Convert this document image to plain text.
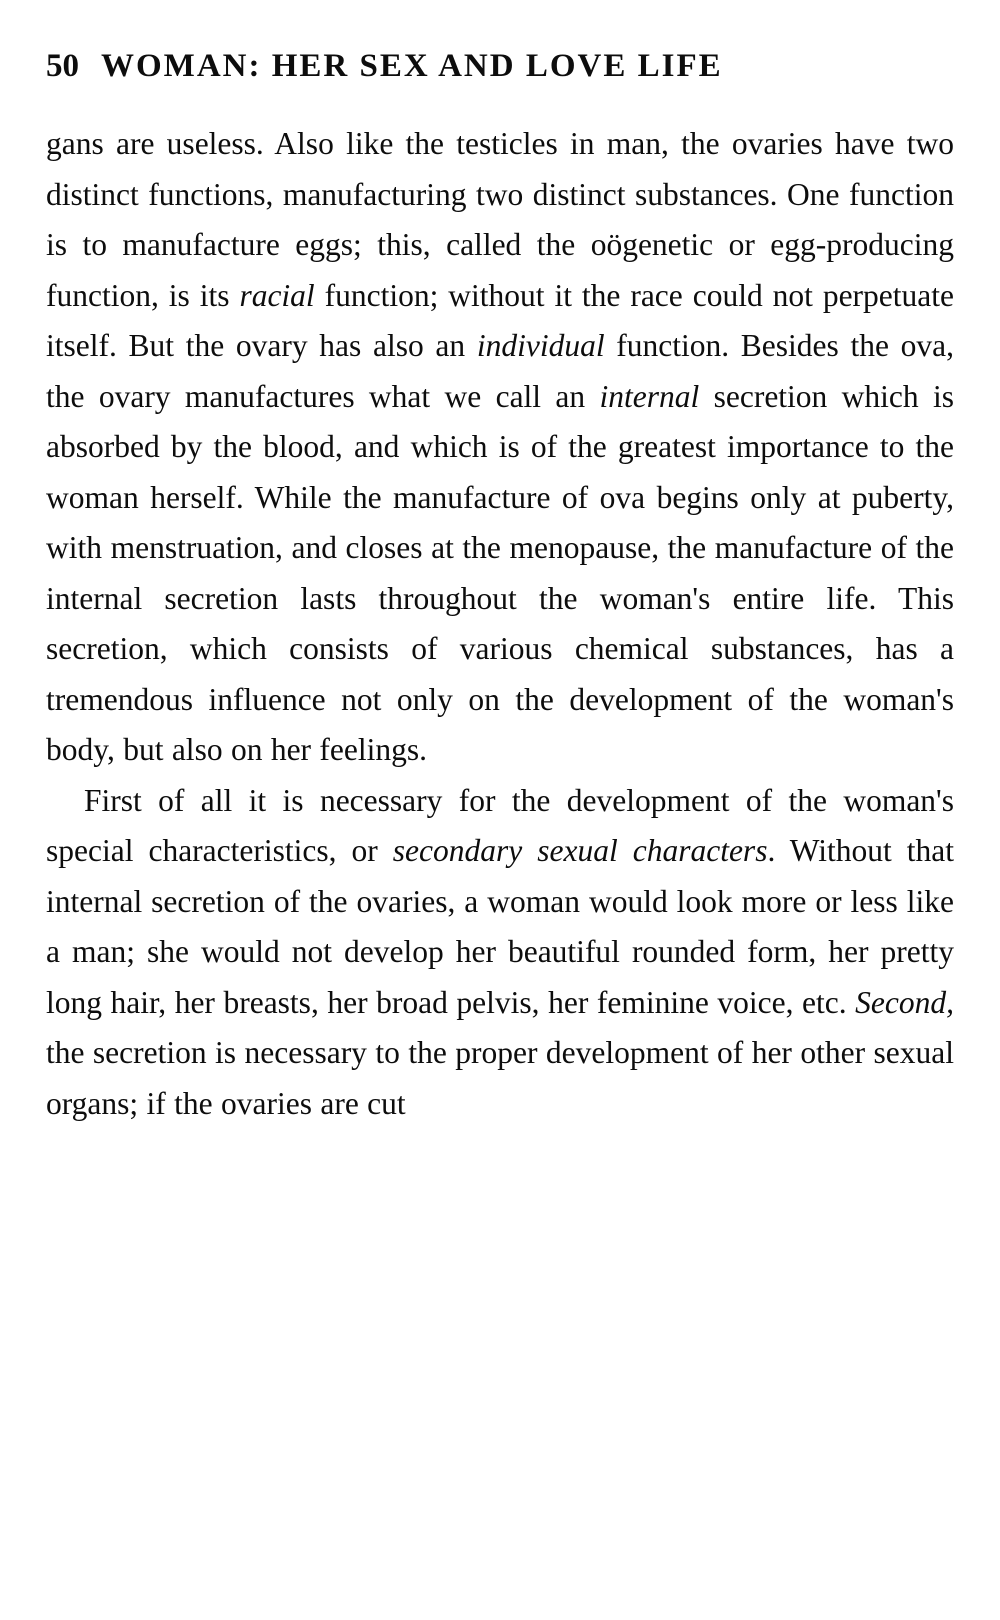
50 WOMAN: HER SEX AND LOVE LIFE

gans are useless. Also like the testicles in man, the ovaries have two distinct functions, manufacturing two distinct substances. One function is to manufacture eggs; this, called the oögenetic or egg-producing function, is its racial function; without it the race could not perpetuate itself. But the ovary has also an individual function. Besides the ova, the ovary manufactures what we call an internal secretion which is absorbed by the blood, and which is of the greatest importance to the woman herself. While the manufacture of ova begins only at puberty, with menstruation, and closes at the menopause, the manufacture of the internal secretion lasts throughout the woman's entire life. This secretion, which consists of various chemical substances, has a tremendous influence not only on the development of the woman's body, but also on her feelings.

First of all it is necessary for the development of the woman's special characteristics, or secondary sexual characters. Without that internal secretion of the ovaries, a woman would look more or less like a man; she would not develop her beautiful rounded form, her pretty long hair, her breasts, her broad pelvis, her feminine voice, etc. Second, the secretion is necessary to the proper development of her other sexual organs; if the ovaries are cut
